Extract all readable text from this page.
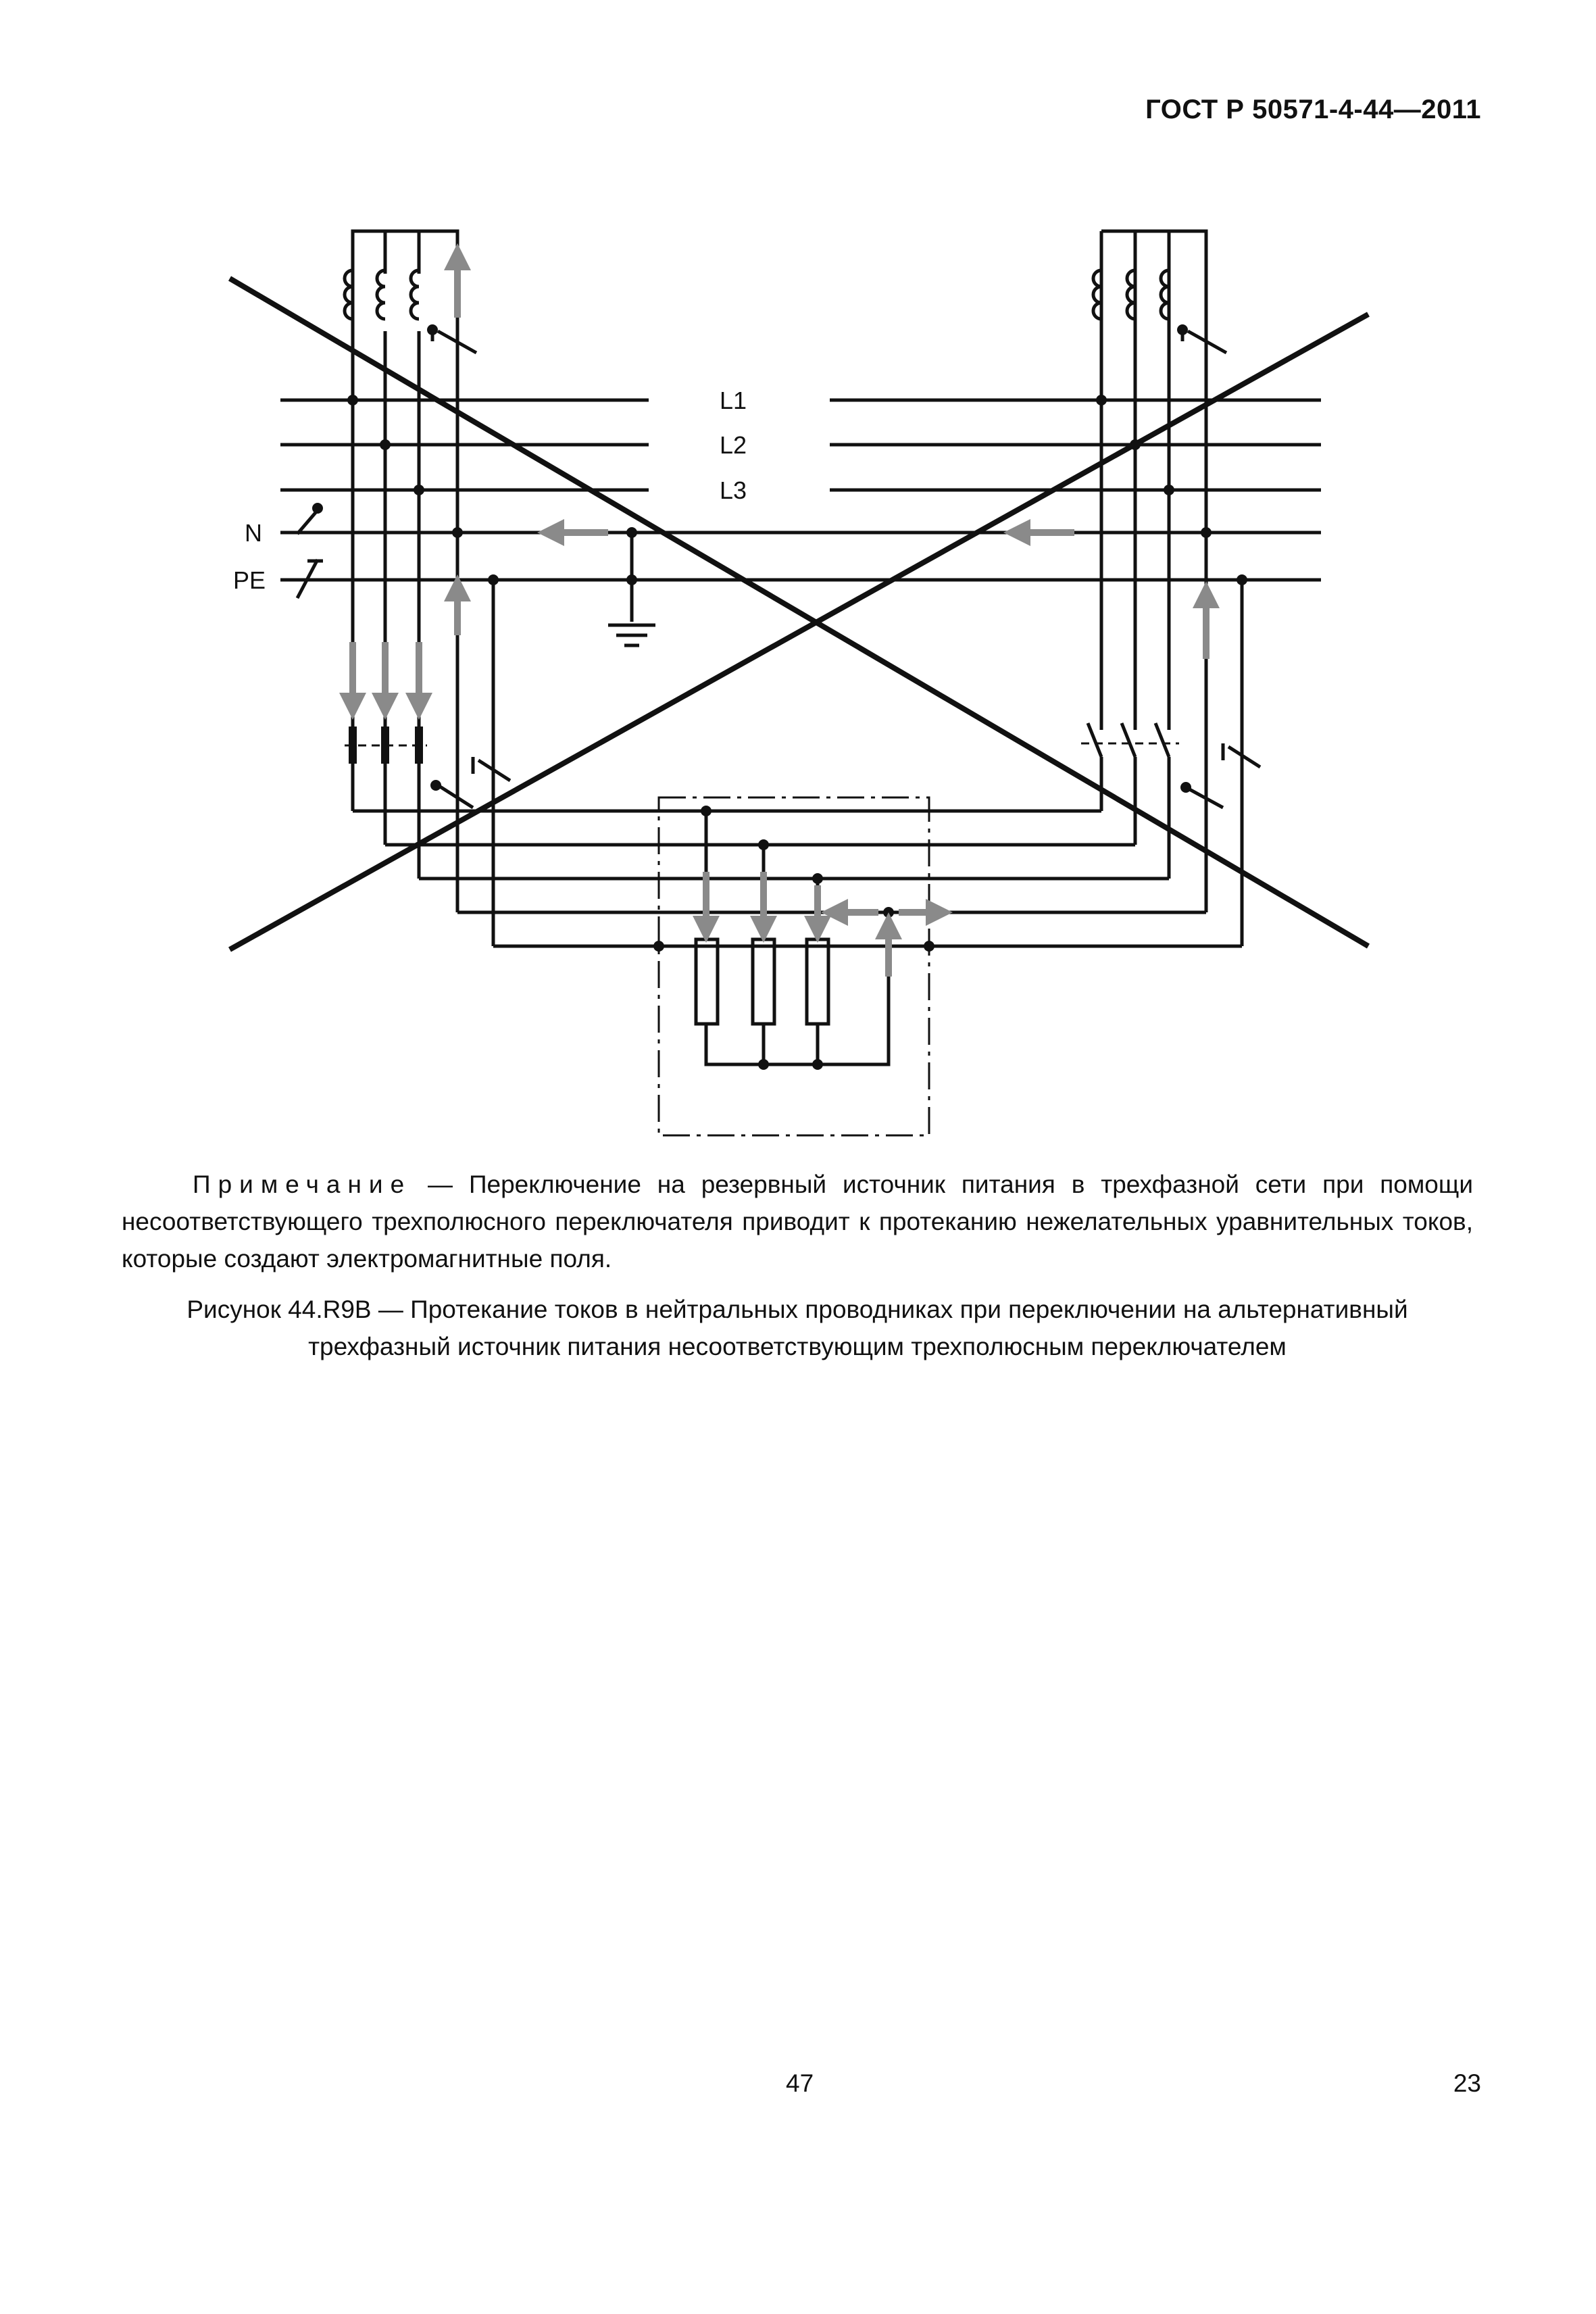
ГОСТ Р 50571-4-44—2011
L1
L2
L3
N
PE
Примечание — Переключение на резервный источник питания в трехфазной сети при помощи несоответствующего трехполюсного переключателя приводит к протеканию нежелательных уравнительных токов, которые создают электромагнитные поля.
Рисунок 44.R9B — Протекание токов в нейтральных проводниках при переключении на альтернативный
трехфазный источник питания несоответствующим трехполюсным переключателем
47	23
